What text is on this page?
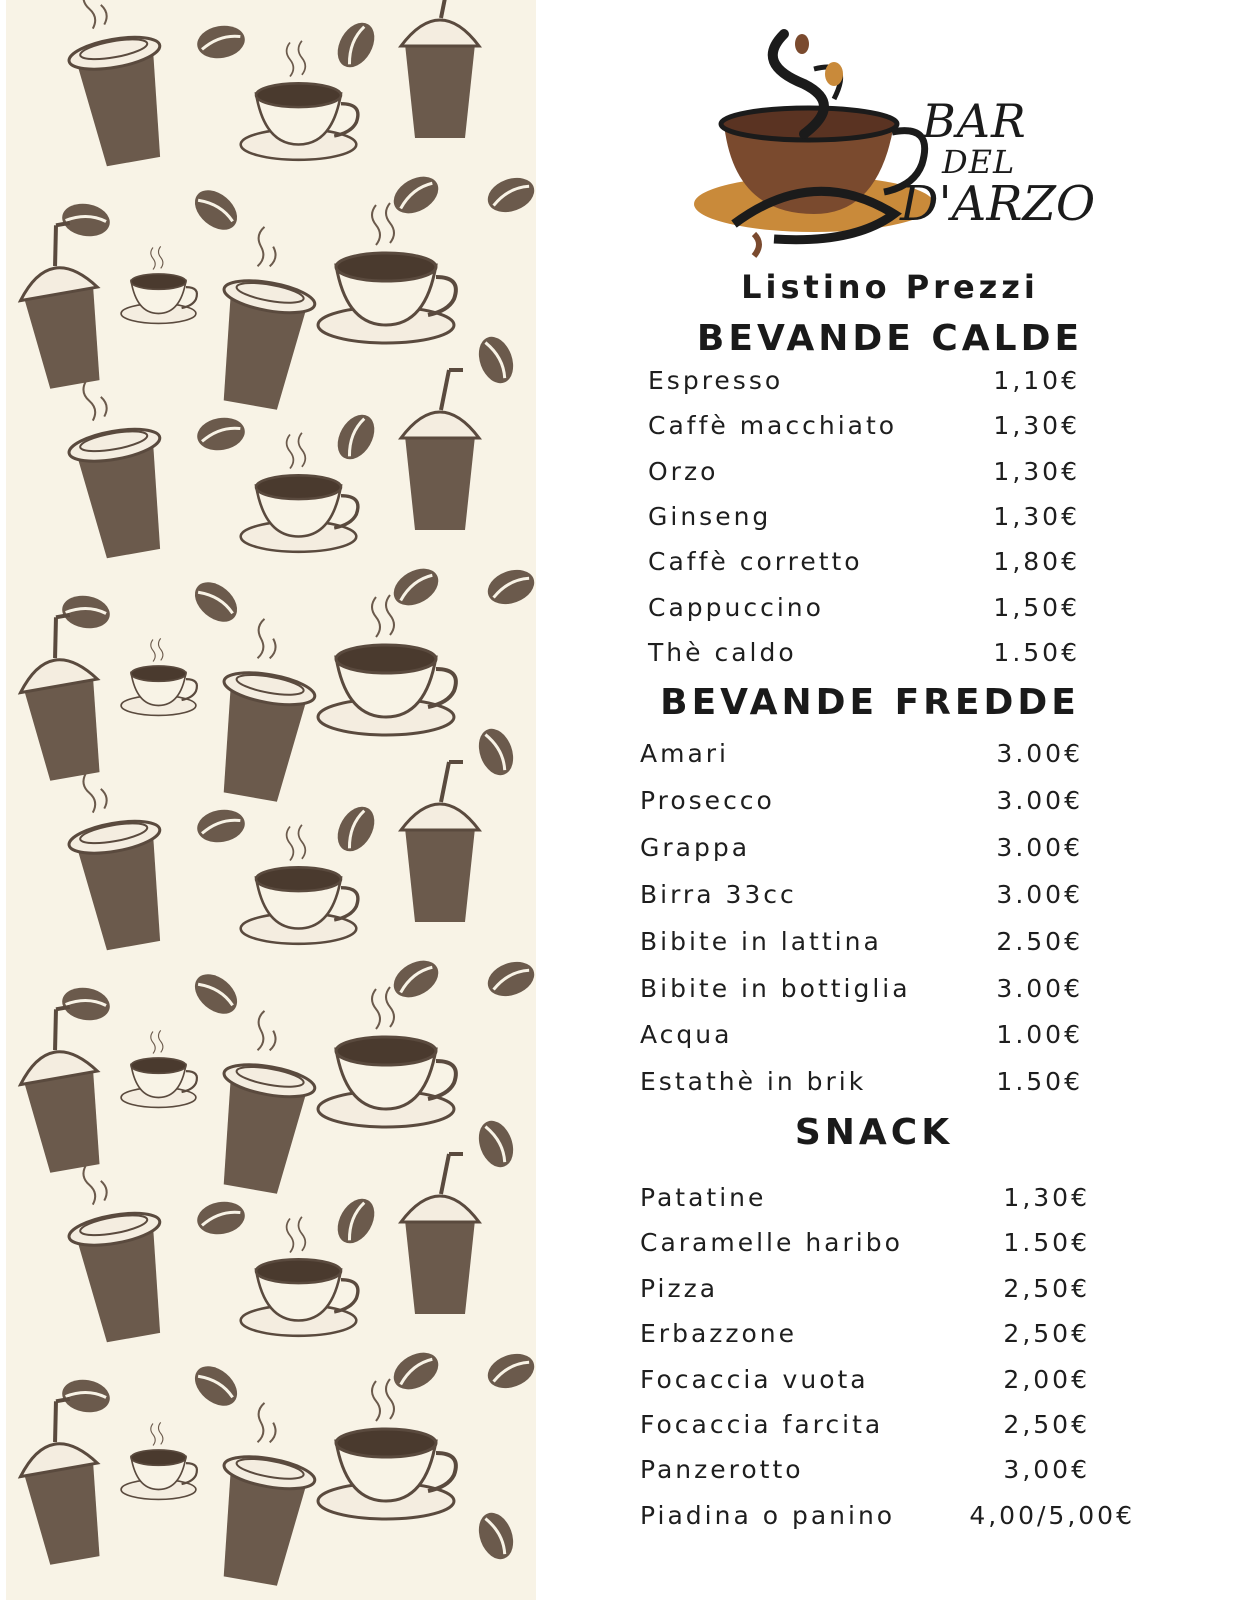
BAR
DEL
D'ARZO
Listino Prezzi
BEVANDE CALDE
BEVANDE FREDDE
SNACK
Espresso	1,10€
Caffè macchiato	1,30€
Orzo	1,30€
Ginseng	1,30€
Caffè corretto	1,80€
Cappuccino	1,50€
Thè caldo	1.50€
Amari	3.00€
Prosecco	3.00€
Grappa	3.00€
Birra 33cc	3.00€
Bibite in lattina	2.50€
Bibite in bottiglia	3.00€
Acqua	1.00€
Estathè in brik	1.50€
Patatine	1,30€
Caramelle haribo	1.50€
Pizza	2,50€
Erbazzone	2,50€
Focaccia vuota	2,00€
Focaccia farcita	2,50€
Panzerotto	3,00€
Piadina o panino	4,00/5,00€
